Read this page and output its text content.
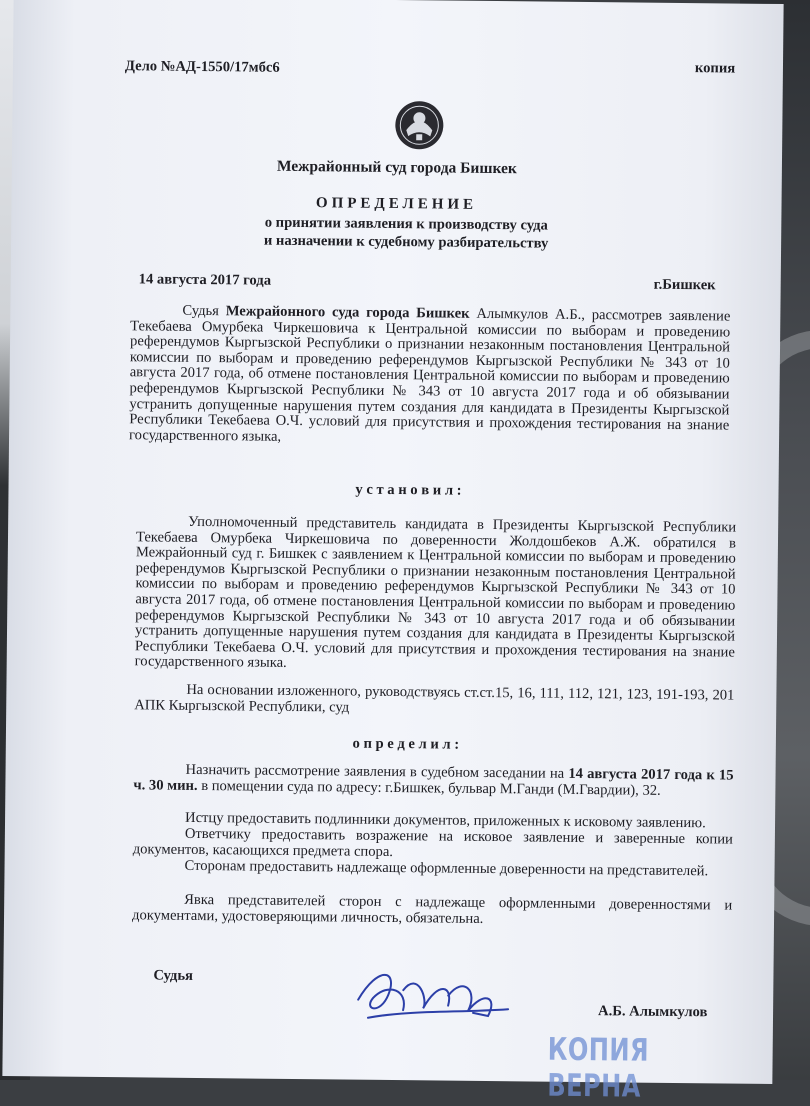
Дело №АД-1550/17мбс6	копия
Межрайонный суд города Бишкек
ОПРЕДЕЛЕНИЕ
о принятии заявления к производству суда
и назначении к судебному разбирательству
14 августа 2017 года	г.Бишкек

Судья Межрайонного суда города Бишкек Алымкулов А.Б., рассмотрев заявление Текебаева Омурбека Чиркешовича к Центральной комиссии по выборам и проведению референдумов Кыргызской Республики о признании незаконным постановления Центральной комиссии по выборам и проведению референдумов Кыргызской Республики № 343 от 10 августа 2017 года, об отмене постановления Центральной комиссии по выборам и проведению референдумов Кыргызской Республики № 343 от 10 августа 2017 года и об обязывании устранить допущенные нарушения путем создания для кандидата в Президенты Кыргызской Республики Текебаева О.Ч. условий для присутствия и прохождения тестирования на знание государственного языка,

у с т а н о в и л :

Уполномоченный представитель кандидата в Президенты Кыргызской Республики Текебаева Омурбека Чиркешовича по доверенности Жолдошбеков А.Ж. обратился в Межрайонный суд г. Бишкек с заявлением к Центральной комиссии по выборам и проведению референдумов Кыргызской Республики о признании незаконным постановления Центральной комиссии по выборам и проведению референдумов Кыргызской Республики № 343 от 10 августа 2017 года, об отмене постановления Центральной комиссии по выборам и проведению референдумов Кыргызской Республики № 343 от 10 августа 2017 года и об обязывании устранить допущенные нарушения путем создания для кандидата в Президенты Кыргызской Республики Текебаева О.Ч. условий для присутствия и прохождения тестирования на знание государственного языка.

На основании изложенного, руководствуясь ст.ст.15, 16, 111, 112, 121, 123, 191-193, 201 АПК Кыргызской Республики, суд

о п р е д е л и л :

Назначить рассмотрение заявления в судебном заседании на 14 августа 2017 года к 15 ч. 30 мин. в помещении суда по адресу: г.Бишкек, бульвар М.Ганди (М.Гвардии), 32.

Истцу предоставить подлинники документов, приложенных к исковому заявлению.

Ответчику предоставить возражение на исковое заявление и заверенные копии документов, касающихся предмета спора.

Сторонам предоставить надлежаще оформленные доверенности на представителей.

Явка представителей сторон с надлежаще оформленными доверенностями и документами, удостоверяющими личность, обязательна.

Судья
А.Б. Алымкулов
КОПИЯ ВЕРНА
